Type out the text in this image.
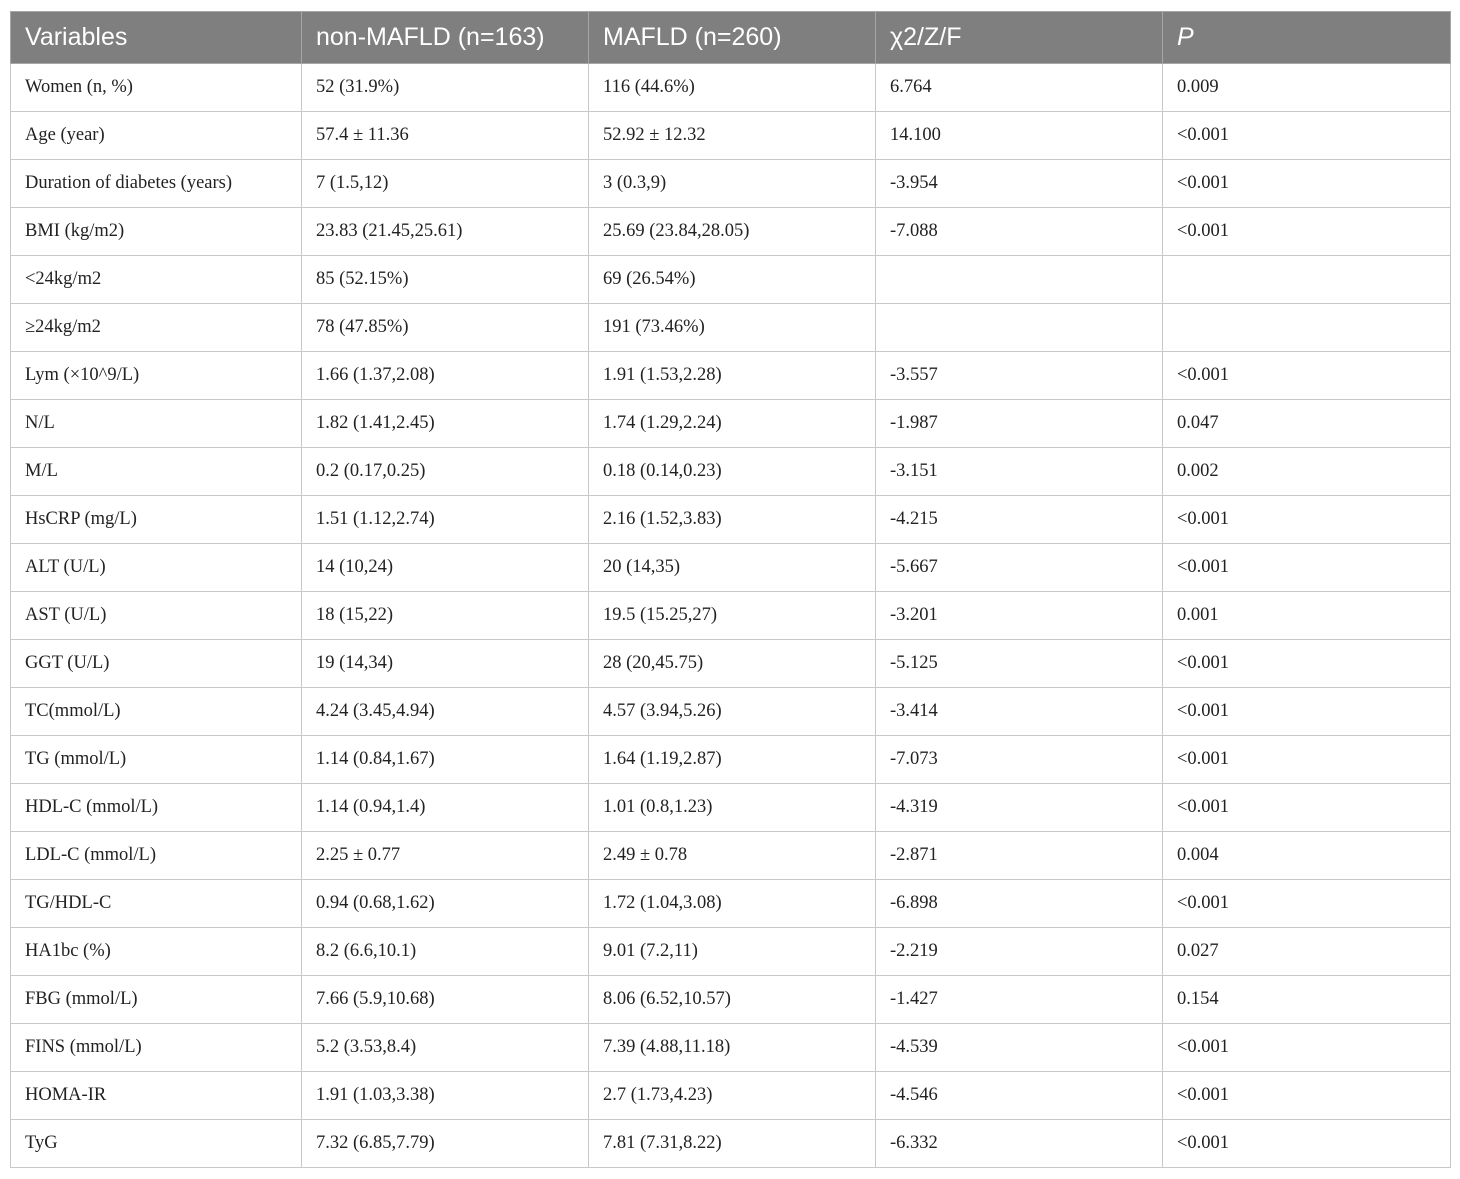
Variables	non-MAFLD (n=163)	MAFLD (n=260)	χ2/Z/F	P
Women (n, %)	52 (31.9%)	116 (44.6%)	6.764	0.009
Age (year)	57.4 ± 11.36	52.92 ± 12.32	14.100	<0.001
Duration of diabetes (years)	7 (1.5,12)	3 (0.3,9)	-3.954	<0.001
BMI (kg/m2)	23.83 (21.45,25.61)	25.69 (23.84,28.05)	-7.088	<0.001
<24kg/m2	85 (52.15%)	69 (26.54%)		
≥24kg/m2	78 (47.85%)	191 (73.46%)		
Lym (×10^9/L)	1.66 (1.37,2.08)	1.91 (1.53,2.28)	-3.557	<0.001
N/L	1.82 (1.41,2.45)	1.74 (1.29,2.24)	-1.987	0.047
M/L	0.2 (0.17,0.25)	0.18 (0.14,0.23)	-3.151	0.002
HsCRP (mg/L)	1.51 (1.12,2.74)	2.16 (1.52,3.83)	-4.215	<0.001
ALT (U/L)	14 (10,24)	20 (14,35)	-5.667	<0.001
AST (U/L)	18 (15,22)	19.5 (15.25,27)	-3.201	0.001
GGT (U/L)	19 (14,34)	28 (20,45.75)	-5.125	<0.001
TC(mmol/L)	4.24 (3.45,4.94)	4.57 (3.94,5.26)	-3.414	<0.001
TG (mmol/L)	1.14 (0.84,1.67)	1.64 (1.19,2.87)	-7.073	<0.001
HDL-C (mmol/L)	1.14 (0.94,1.4)	1.01 (0.8,1.23)	-4.319	<0.001
LDL-C (mmol/L)	2.25 ± 0.77	2.49 ± 0.78	-2.871	0.004
TG/HDL-C	0.94 (0.68,1.62)	1.72 (1.04,3.08)	-6.898	<0.001
HA1bc (%)	8.2 (6.6,10.1)	9.01 (7.2,11)	-2.219	0.027
FBG (mmol/L)	7.66 (5.9,10.68)	8.06 (6.52,10.57)	-1.427	0.154
FINS (mmol/L)	5.2 (3.53,8.4)	7.39 (4.88,11.18)	-4.539	<0.001
HOMA-IR	1.91 (1.03,3.38)	2.7 (1.73,4.23)	-4.546	<0.001
TyG	7.32 (6.85,7.79)	7.81 (7.31,8.22)	-6.332	<0.001
